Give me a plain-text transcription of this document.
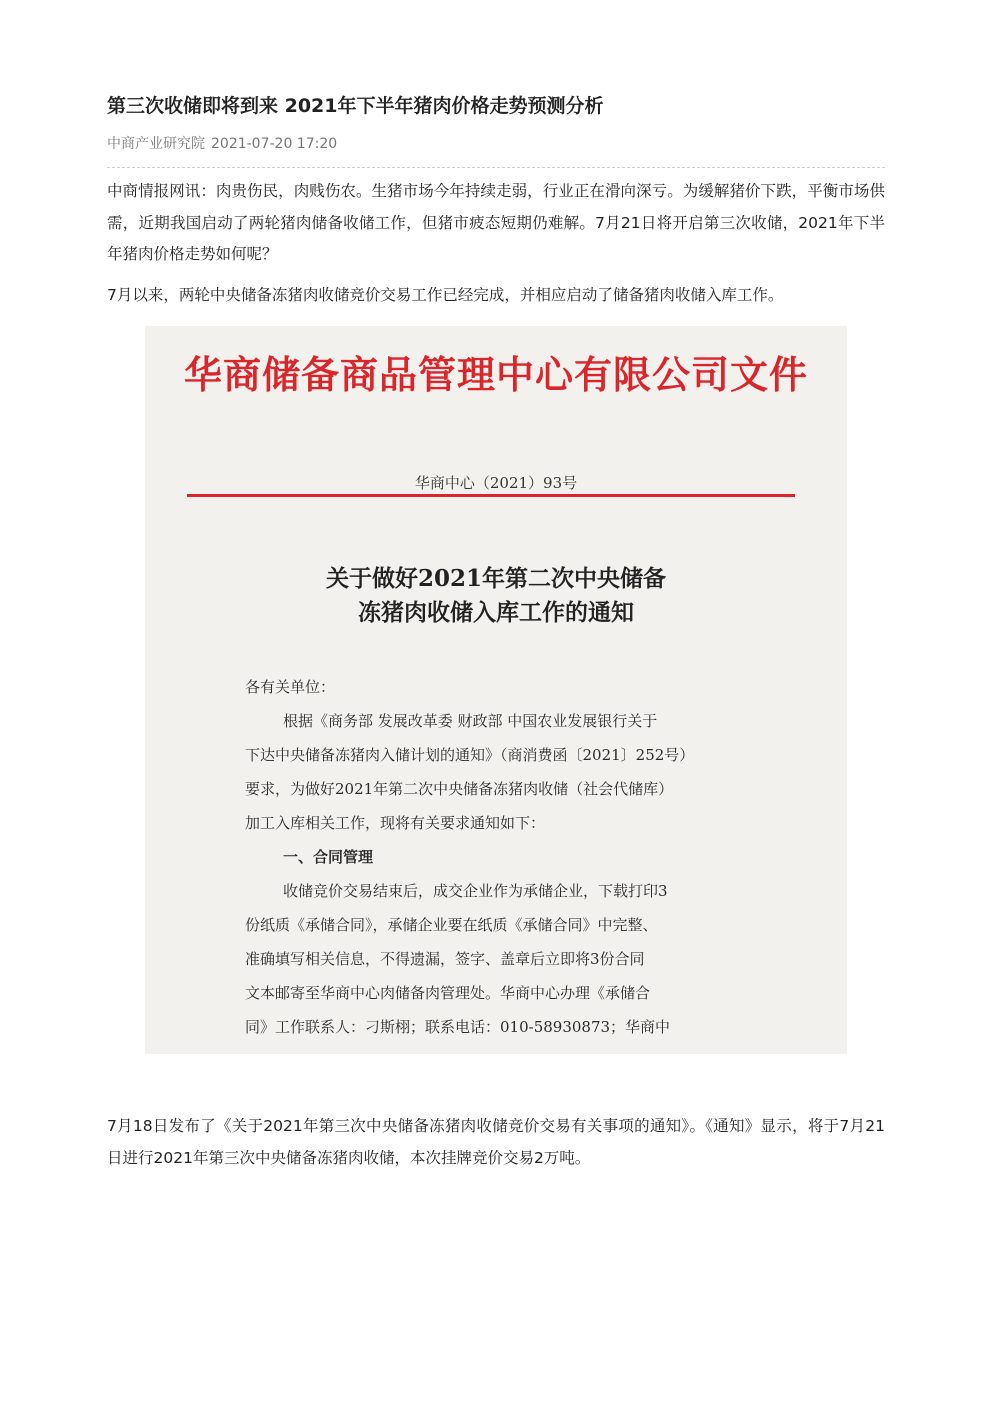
第三次收储即将到来 2021年下半年猪肉价格走势预测分析
中商产业研究院 2021-07-20 17:20
中商情报网讯：肉贵伤民，肉贱伤农。生猪市场今年持续走弱，行业正在滑向深亏。为缓解猪价下跌，平衡市场供需，近期我国启动了两轮猪肉储备收储工作，但猪市疲态短期仍难解。7月21日将开启第三次收储，2021年下半年猪肉价格走势如何呢？
7月以来，两轮中央储备冻猪肉收储竞价交易工作已经完成，并相应启动了储备猪肉收储入库工作。
7月18日发布了《关于2021年第三次中央储备冻猪肉收储竞价交易有关事项的通知》。《通知》显示，将于7月21日进行2021年第三次中央储备冻猪肉收储，本次挂牌竞价交易2万吨。
华商储备商品管理中心有限公司文件
华商中心（2021）93号
关于做好2021年第二次中央储备
冻猪肉收储入库工作的通知
各有关单位：
根据《商务部 发展改革委 财政部 中国农业发展银行关于
下达中央储备冻猪肉入储计划的通知》（商消费函〔2021〕252号）
要求，为做好2021年第二次中央储备冻猪肉收储（社会代储库）
加工入库相关工作，现将有关要求通知如下：
一、合同管理
收储竞价交易结束后，成交企业作为承储企业，下载打印3
份纸质《承储合同》，承储企业要在纸质《承储合同》中完整、
准确填写相关信息，不得遗漏，签字、盖章后立即将3份合同
文本邮寄至华商中心肉储备肉管理处。华商中心办理《承储合
同》工作联系人：刁斯栩；联系电话：010-58930873；华商中
